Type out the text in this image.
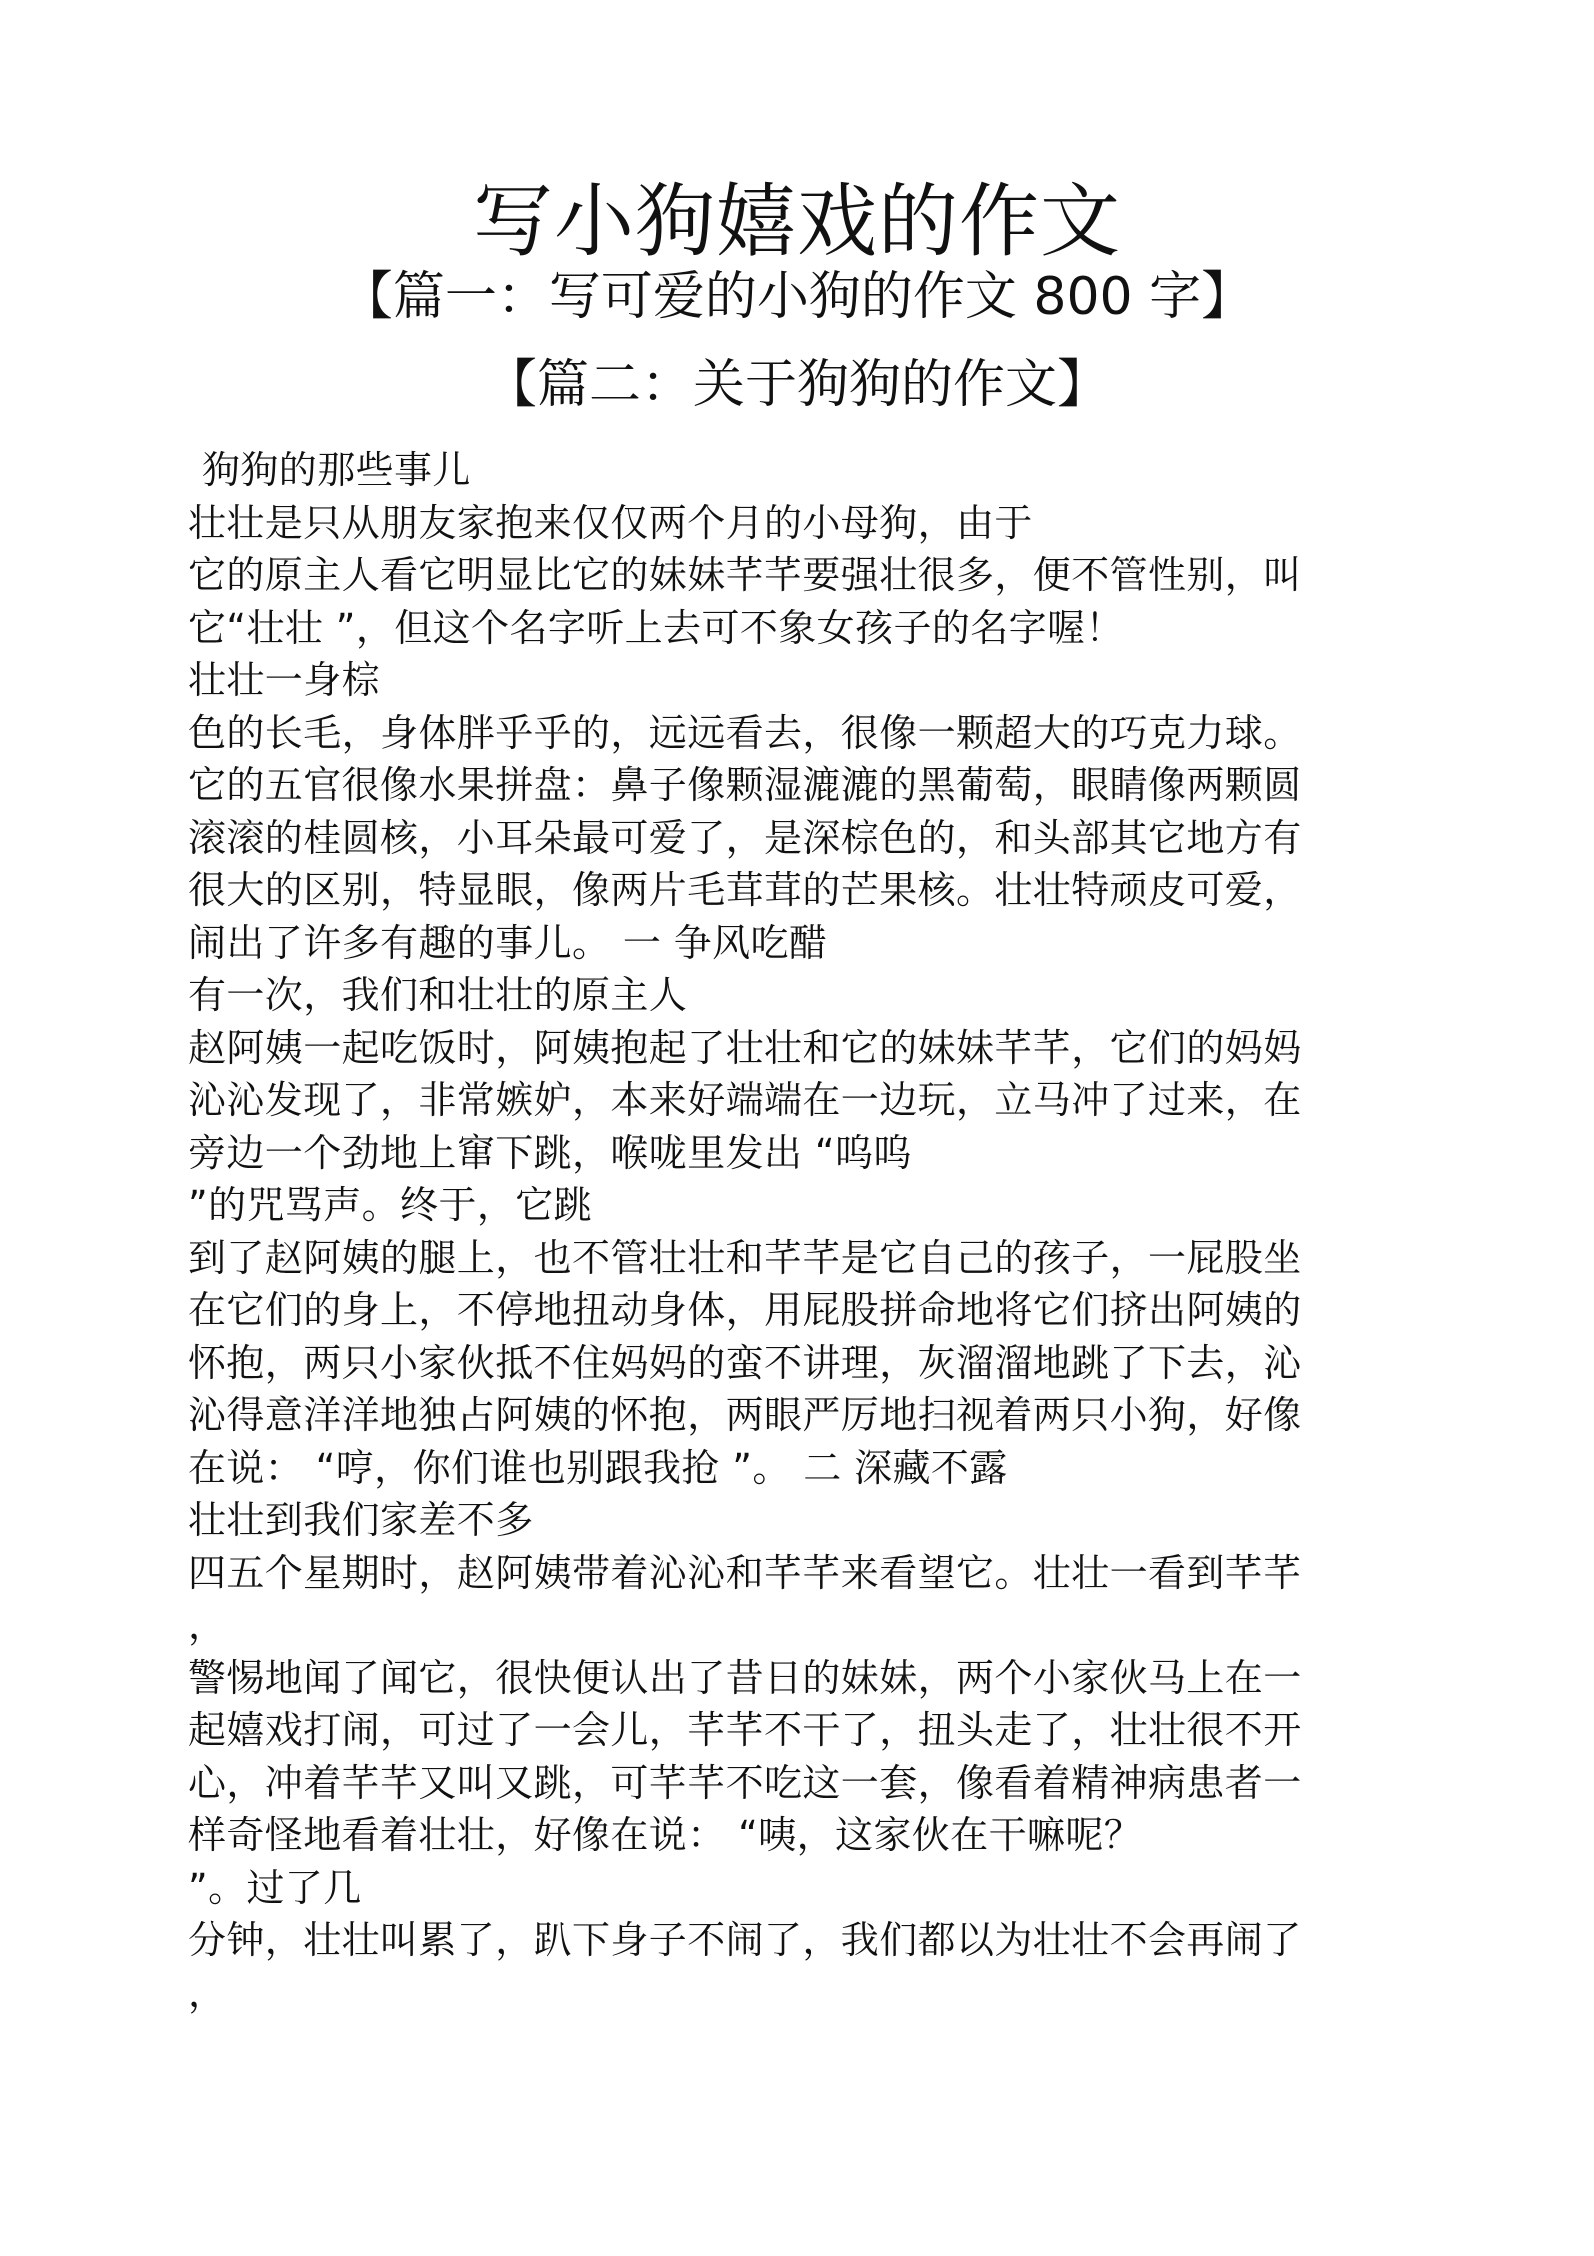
写小狗嬉戏的作文
【篇一：写可爱的小狗的作文 800 字】
【篇二：关于狗狗的作文】
狗狗的那些事儿
壮壮是只从朋友家抱来仅仅两个月的小母狗，由于
它的原主人看它明显比它的妹妹芊芊要强壮很多，便不管性别，叫
它“壮壮 ”，但这个名字听上去可不象女孩子的名字喔！
壮壮一身棕
色的长毛，身体胖乎乎的，远远看去，很像一颗超大的巧克力球。
它的五官很像水果拼盘：鼻子像颗湿漉漉的黑葡萄，眼睛像两颗圆
滚滚的桂圆核，小耳朵最可爱了，是深棕色的，和头部其它地方有
很大的区别，特显眼，像两片毛茸茸的芒果核。壮壮特顽皮可爱，
闹出了许多有趣的事儿。 一 争风吃醋
有一次，我们和壮壮的原主人
赵阿姨一起吃饭时，阿姨抱起了壮壮和它的妹妹芊芊，它们的妈妈
沁沁发现了，非常嫉妒，本来好端端在一边玩，立马冲了过来，在
旁边一个劲地上窜下跳，喉咙里发出 “呜呜
”的咒骂声。终于，它跳
到了赵阿姨的腿上，也不管壮壮和芊芊是它自己的孩子，一屁股坐
在它们的身上，不停地扭动身体，用屁股拼命地将它们挤出阿姨的
怀抱，两只小家伙抵不住妈妈的蛮不讲理，灰溜溜地跳了下去，沁
沁得意洋洋地独占阿姨的怀抱，两眼严厉地扫视着两只小狗，好像
在说： “哼，你们谁也别跟我抢 ”。 二 深藏不露
壮壮到我们家差不多
四五个星期时，赵阿姨带着沁沁和芊芊来看望它。壮壮一看到芊芊
，
警惕地闻了闻它，很快便认出了昔日的妹妹，两个小家伙马上在一
起嬉戏打闹，可过了一会儿，芊芊不干了，扭头走了，壮壮很不开
心，冲着芊芊又叫又跳，可芊芊不吃这一套，像看着精神病患者一
样奇怪地看着壮壮，好像在说： “咦，这家伙在干嘛呢？
”。过了几
分钟，壮壮叫累了，趴下身子不闹了，我们都以为壮壮不会再闹了
，
